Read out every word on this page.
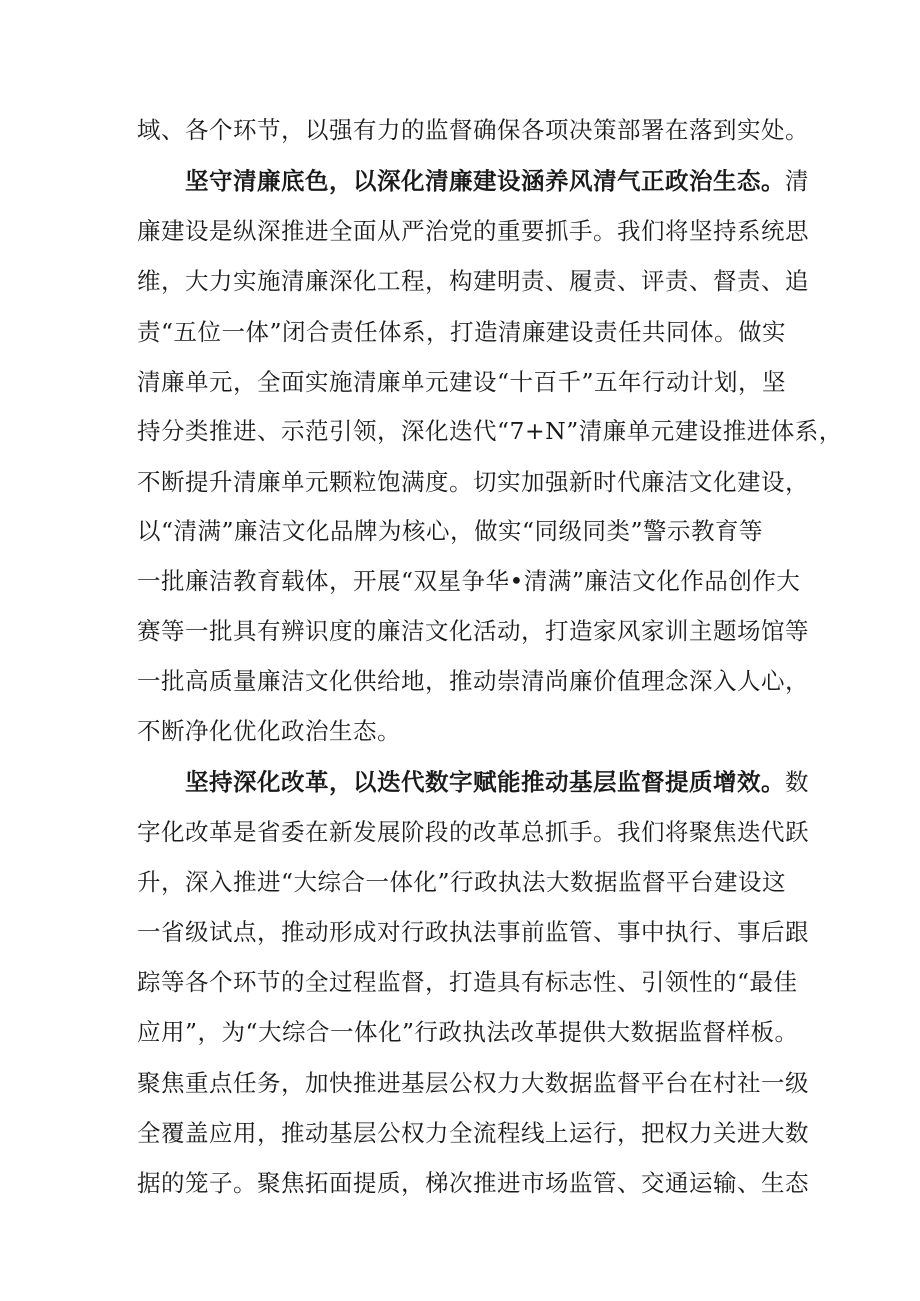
域、各个环节，以强有力的监督确保各项决策部署在落到实处。
坚守清廉底色，以深化清廉建设涵养风清气正政治生态。清
廉建设是纵深推进全面从严治党的重要抓手。我们将坚持系统思
维，大力实施清廉深化工程，构建明责、履责、评责、督责、追
责“五位一体”闭合责任体系，打造清廉建设责任共同体。做实
清廉单元，全面实施清廉单元建设“十百千”五年行动计划，坚
持分类推进、示范引领，深化迭代“7+N”清廉单元建设推进体系，
不断提升清廉单元颗粒饱满度。切实加强新时代廉洁文化建设，
以“清满”廉洁文化品牌为核心，做实“同级同类”警示教育等
一批廉洁教育载体，开展“双星争华•清满”廉洁文化作品创作大
赛等一批具有辨识度的廉洁文化活动，打造家风家训主题场馆等
一批高质量廉洁文化供给地，推动崇清尚廉价值理念深入人心，
不断净化优化政治生态。
坚持深化改革，以迭代数字赋能推动基层监督提质增效。数
字化改革是省委在新发展阶段的改革总抓手。我们将聚焦迭代跃
升，深入推进“大综合一体化”行政执法大数据监督平台建设这
一省级试点，推动形成对行政执法事前监管、事中执行、事后跟
踪等各个环节的全过程监督，打造具有标志性、引领性的“最佳
应用”，为“大综合一体化”行政执法改革提供大数据监督样板。
聚焦重点任务，加快推进基层公权力大数据监督平台在村社一级
全覆盖应用，推动基层公权力全流程线上运行，把权力关进大数
据的笼子。聚焦拓面提质，梯次推进市场监管、交通运输、生态
